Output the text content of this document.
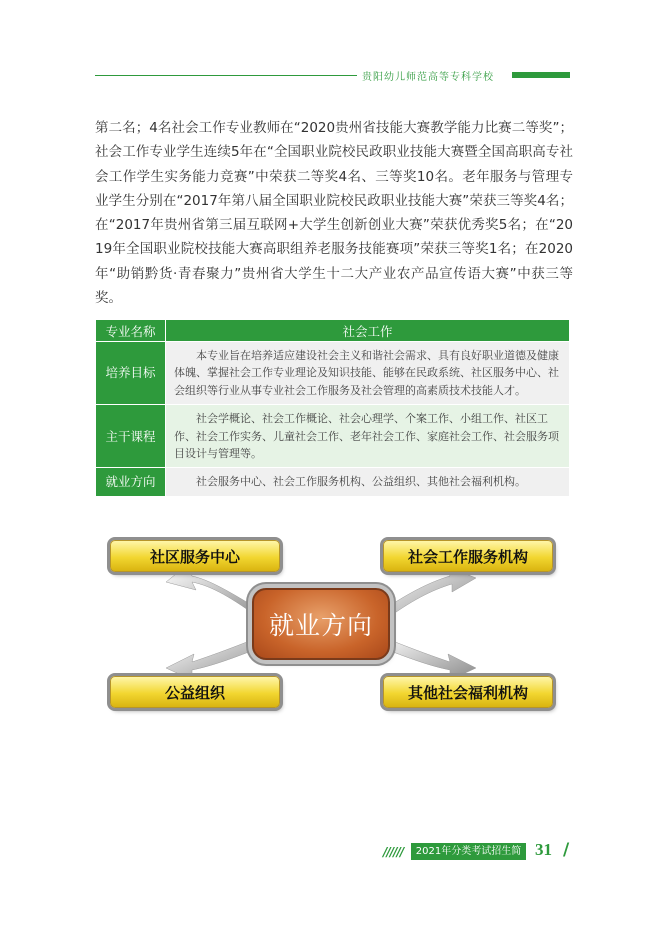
贵阳幼儿师范高等专科学校

第二名；4名社会工作专业教师在“2020贵州省技能大赛教学能力比赛二等奖”；社会工作专业学生连续5年在“全国职业院校民政职业技能大赛暨全国高职高专社会工作学生实务能力竞赛”中荣获二等奖4名、三等奖10名。老年服务与管理专业学生分别在“2017年第八届全国职业院校民政职业技能大赛”荣获三等奖4名；在“2017年贵州省第三届互联网+大学生创新创业大赛”荣获优秀奖5名；在“2019年全国职业院校技能大赛高职组养老服务技能赛项”荣获三等奖1名；在2020年“助销黔货·青春聚力”贵州省大学生十二大产业农产品宣传语大赛”中获三等奖。

专业名称	社会工作
培养目标	本专业旨在培养适应建设社会主义和谐社会需求、具有良好职业道德及健康体魄、掌握社会工作专业理论及知识技能、能够在民政系统、社区服务中心、社会组织等行业从事专业社会工作服务及社会管理的高素质技术技能人才。
主干课程	社会学概论、社会工作概论、社会心理学、个案工作、小组工作、社区工作、社会工作实务、儿童社会工作、老年社会工作、家庭社会工作、社会服务项目设计与管理等。
就业方向	社会服务中心、社会工作服务机构、公益组织、其他社会福利机构。
社区服务中心	社会工作服务机构
就业方向
公益组织	其他社会福利机构
//////	2021年分类考试招生简章
31 /
